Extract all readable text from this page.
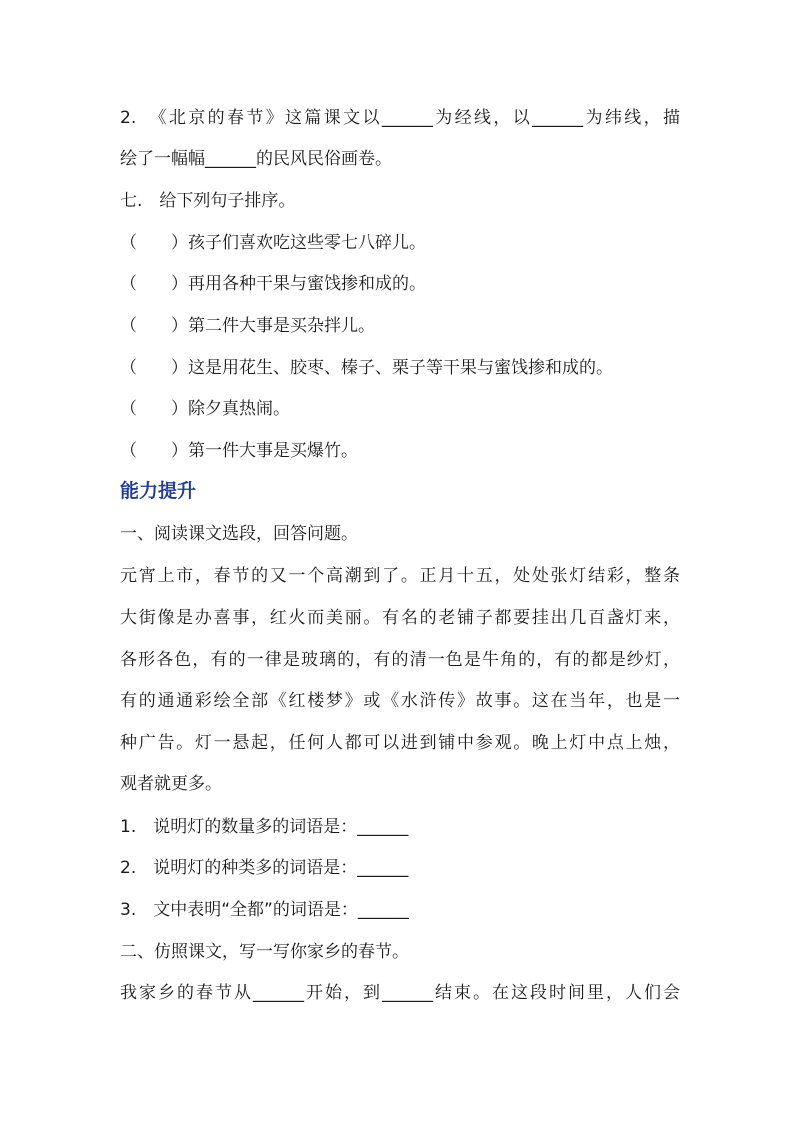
2.　《北京的春节》这篇课文以______为经线，以______为纬线，描
绘了一幅幅______的民风民俗画卷。
七.　给下列句子排序。
（　　）孩子们喜欢吃这些零七八碎儿。
（　　）再用各种干果与蜜饯掺和成的。
（　　）第二件大事是买杂拌儿。
（　　）这是用花生、胶枣、榛子、栗子等干果与蜜饯掺和成的。
（　　）除夕真热闹。
（　　）第一件大事是买爆竹。
能力提升
一、阅读课文选段，回答问题。
元宵上市，春节的又一个高潮到了。正月十五，处处张灯结彩，整条
大街像是办喜事，红火而美丽。有名的老铺子都要挂出几百盏灯来，
各形各色，有的一律是玻璃的，有的清一色是牛角的，有的都是纱灯，
有的通通彩绘全部《红楼梦》或《水浒传》故事。这在当年，也是一
种广告。灯一悬起，任何人都可以进到铺中参观。晚上灯中点上烛，
观者就更多。
1.　说明灯的数量多的词语是：______
2.　说明灯的种类多的词语是：______
3.　文中表明“全都”的词语是：______
二、仿照课文，写一写你家乡的春节。
我家乡的春节从______开始，到______结束。在这段时间里，人们会
